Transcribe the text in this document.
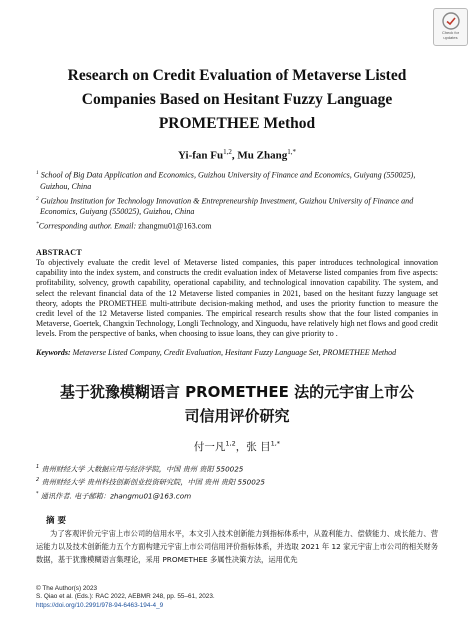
Check for
updates
Research on Credit Evaluation of Metaverse Listed
Companies Based on Hesitant Fuzzy Language
PROMETHEE Method
Yi-fan Fu$^{1,2}$, Mu Zhang$^{1,*}$

$^1$ School of Big Data Application and Economics, Guizhou University of Finance and Economics, Guiyang (550025), Guizhou, China

$^2$ Guizhou Institution for Technology Innovation & Entrepreneurship Investment, Guizhou University of Finance and Economics, Guiyang (550025), Guizhou, China

*Corresponding author. Email: zhangmu01@163.com

ABSTRACT

To objectively evaluate the credit level of Metaverse listed companies, this paper introduces technological innovation capability into the index system, and constructs the credit evaluation index of Metaverse listed companies from five aspects: profitability, solvency, growth capability, operational capability, and technological innovation capability. The system, and select the relevant financial data of the 12 Metaverse listed companies in 2021, based on the hesitant fuzzy language set theory, adopts the PROMETHEE multi-attribute decision-making method, and uses the priority function to measure the credit level of the 12 Metaverse listed companies. The empirical research results show that the four listed companies in Metaverse, Goertek, Changxin Technology, Longli Technology, and Xinguodu, have relatively high net flows and good credit levels. From the perspective of banks, when choosing to issue loans, they can give priority to .

Keywords: Metaverse Listed Company, Credit Evaluation, Hesitant Fuzzy Language Set, PROMETHEE Method

基于犹豫模糊语言 PROMETHEE 法的元宇宙上市公
司信用评价研究
付一凡$^{1,2}$，张 目$^{1,*}$

$^1$ 贵州财经大学 大数据应用与经济学院，中国 贵州 贵阳 550025

$^2$ 贵州财经大学 贵州科技创新创业投资研究院，中国 贵州 贵阳 550025

* 通讯作者. 电子邮箱：zhangmu01@163.com

摘 要

为了客观评价元宇宙上市公司的信用水平，本文引入技术创新能力到指标体系中，从盈利能力、偿债能力、成长能力、营运能力以及技术创新能力五个方面构建元宇宙上市公司信用评价指标体系，并选取 2021 年 12 家元宇宙上市公司的相关财务数据，基于犹豫模糊语言集理论，采用 PROMETHEE 多属性决策方法，运用优先

© The Author(s) 2023
S. Qiao et al. (Eds.): RAC 2022, AEBMR 248, pp. 55–61, 2023.
https://doi.org/10.2991/978-94-6463-194-4_9
